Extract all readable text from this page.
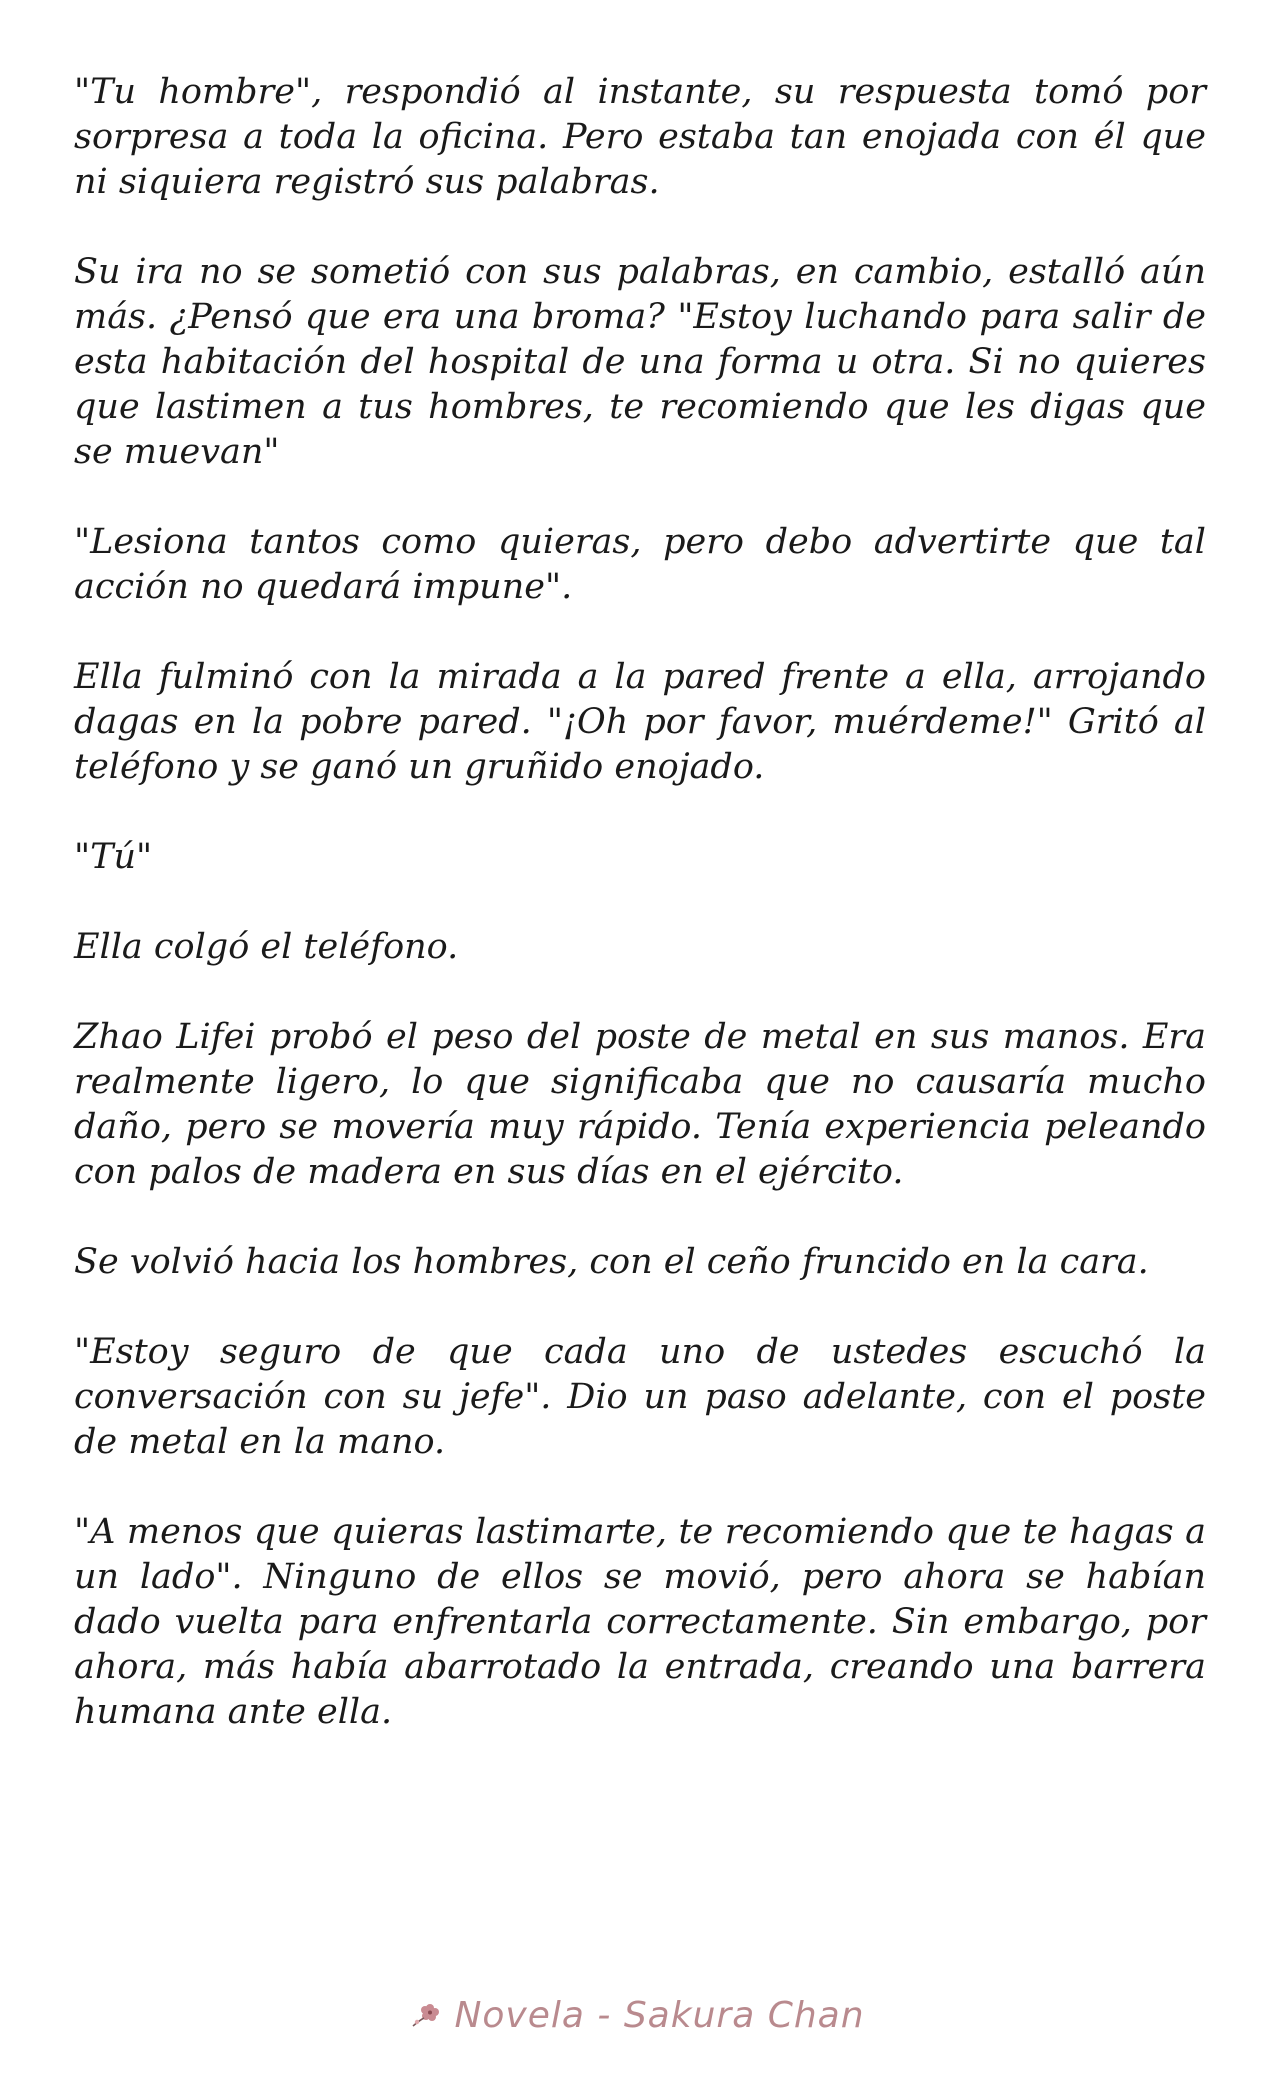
"Tu hombre", respondió al instante, su respuesta tomó por sorpresa a toda la oficina. Pero estaba tan enojada con él que ni siquiera registró sus palabras.

Su ira no se sometió con sus palabras, en cambio, estalló aún más. ¿Pensó que era una broma? "Estoy luchando para salir de esta habitación del hospital de una forma u otra. Si no quieres que lastimen a tus hombres, te recomiendo que les digas que se muevan"

"Lesiona tantos como quieras, pero debo advertirte que tal acción no quedará impune".

Ella fulminó con la mirada a la pared frente a ella, arrojando dagas en la pobre pared. "¡Oh por favor, muérdeme!" Gritó al teléfono y se ganó un gruñido enojado.

"Tú"

Ella colgó el teléfono.

Zhao Lifei probó el peso del poste de metal en sus manos. Era realmente ligero, lo que significaba que no causaría mucho daño, pero se movería muy rápido. Tenía experiencia peleando con palos de madera en sus días en el ejército.

Se volvió hacia los hombres, con el ceño fruncido en la cara.

"Estoy seguro de que cada uno de ustedes escuchó la conversación con su jefe". Dio un paso adelante, con el poste de metal en la mano.

"A menos que quieras lastimarte, te recomiendo que te hagas a un lado". Ninguno de ellos se movió, pero ahora se habían dado vuelta para enfrentarla correctamente. Sin embargo, por ahora, más había abarrotado la entrada, creando una barrera humana ante ella.

Novela - Sakura Chan
